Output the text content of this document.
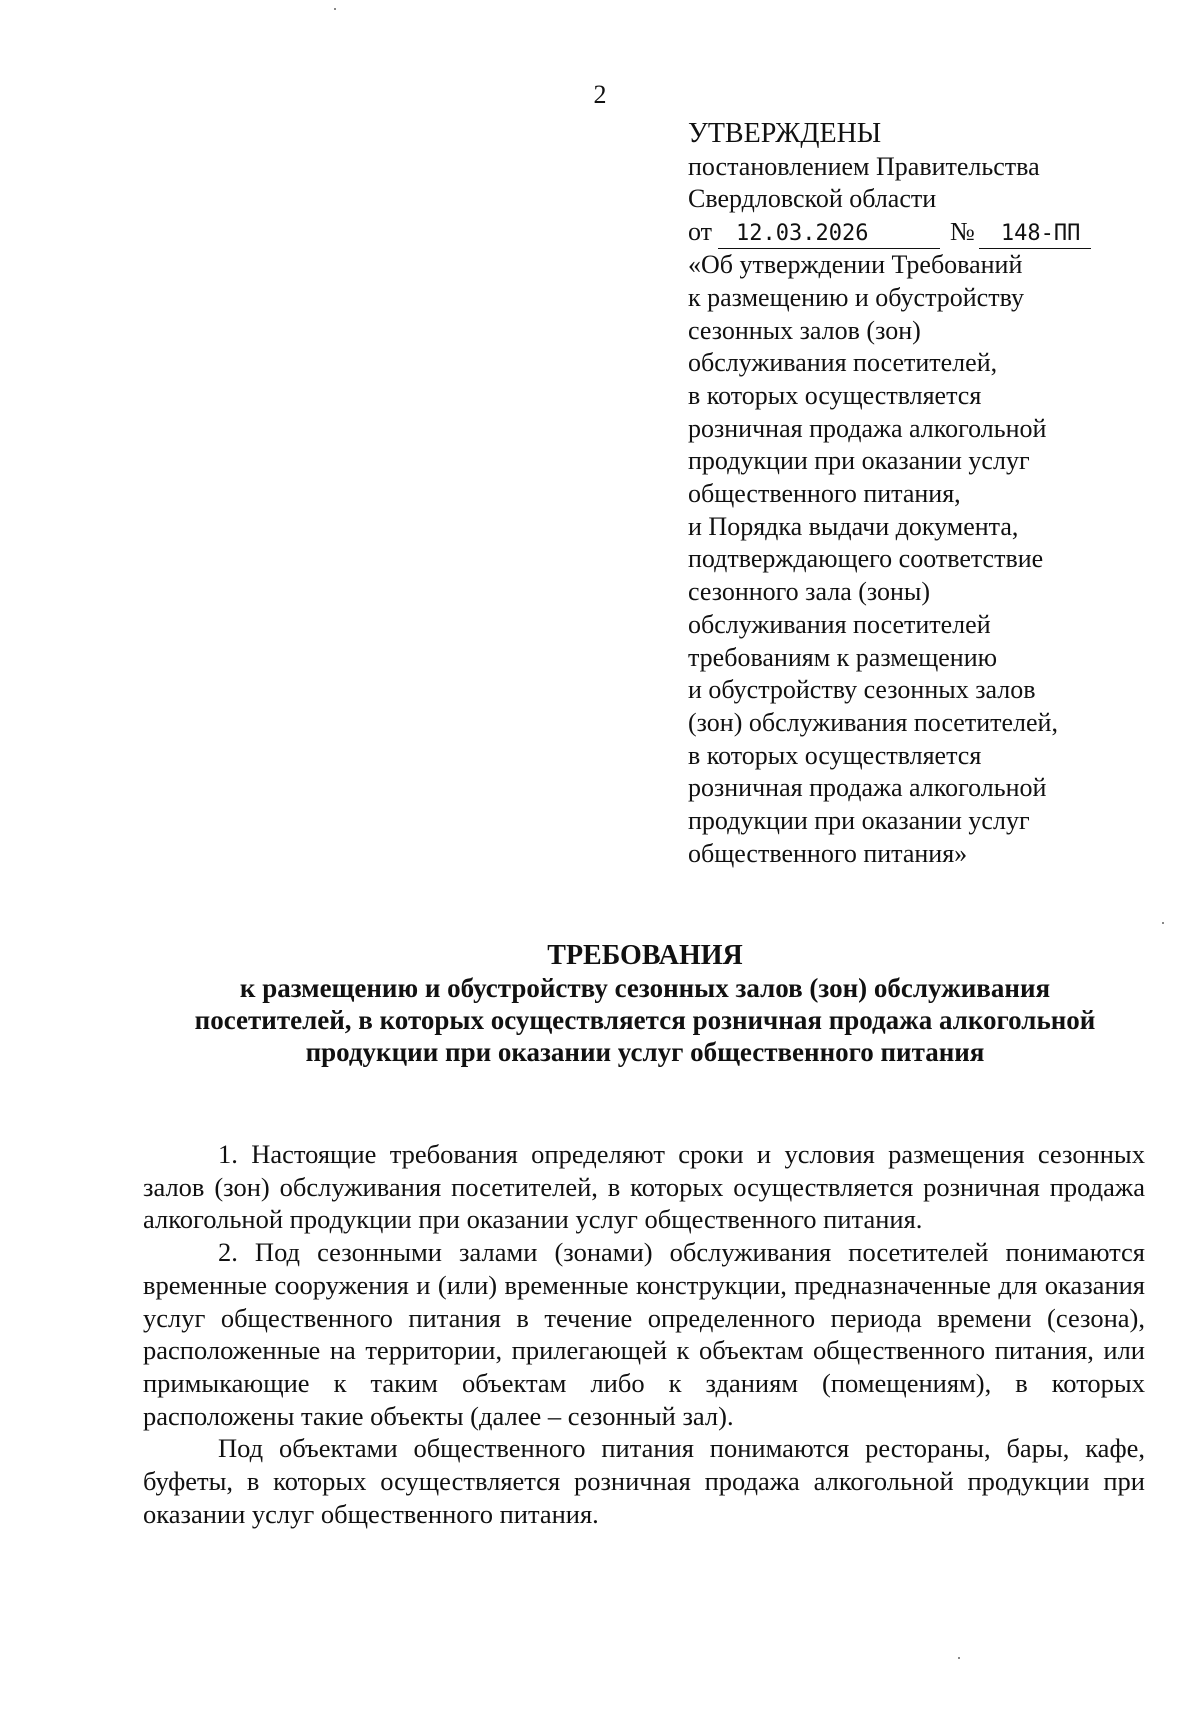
2
УТВЕРЖДЕНЫ
постановлением Правительства
Свердловской области
от 12.03.2026	№ 148-ПП
«Об утверждении Требований
к размещению и обустройству
сезонных залов (зон)
обслуживания посетителей,
в которых осуществляется
розничная продажа алкогольной
продукции при оказании услуг
общественного питания,
и Порядка выдачи документа,
подтверждающего соответствие
сезонного зала (зоны)
обслуживания посетителей
требованиям к размещению
и обустройству сезонных залов
(зон) обслуживания посетителей,
в которых осуществляется
розничная продажа алкогольной
продукции при оказании услуг
общественного питания»
ТРЕБОВАНИЯ
к размещению и обустройству сезонных залов (зон) обслуживания
посетителей, в которых осуществляется розничная продажа алкогольной
продукции при оказании услуг общественного питания

1. Настоящие требования определяют сроки и условия размещения сезонных залов (зон) обслуживания посетителей, в которых осуществляется розничная продажа алкогольной продукции при оказании услуг общественного питания.

2. Под сезонными залами (зонами) обслуживания посетителей понимаются временные сооружения и (или) временные конструкции, предназначенные для оказания услуг общественного питания в течение определенного периода времени (сезона), расположенные на территории, прилегающей к объектам общественного питания, или примыкающие к таким объектам либо к зданиям (помещениям), в которых расположены такие объекты (далее – сезонный зал).

Под объектами общественного питания понимаются рестораны, бары, кафе, буфеты, в которых осуществляется розничная продажа алкогольной продукции при оказании услуг общественного питания.
